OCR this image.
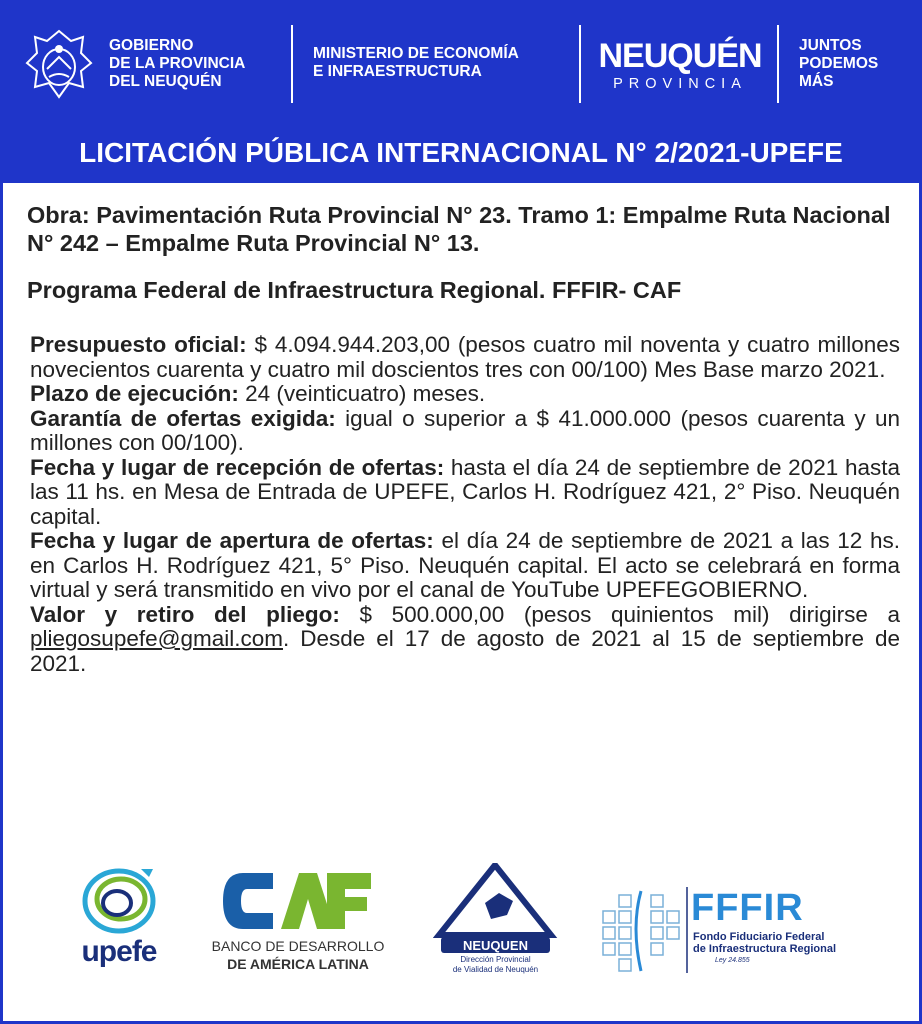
GOBIERNO
DE LA PROVINCIA
DEL NEUQUÉN
MINISTERIO DE ECONOMÍA
E INFRAESTRUCTURA	NEUQUÉN
PROVINCIA
JUNTOS
PODEMOS
MÁS
LICITACIÓN PÚBLICA INTERNACIONAL N° 2/2021-UPEFE
Obra: Pavimentación Ruta Provincial N° 23. Tramo 1: Empalme Ruta Nacional N° 242 – Empalme Ruta Provincial N° 13.
Programa Federal de Infraestructura Regional. FFFIR- CAF

Presupuesto oficial: $ 4.094.944.203,00 (pesos cuatro mil noventa y cuatro millones novecientos cuarenta y cuatro mil doscientos tres con 00/100) Mes Base marzo 2021.

Plazo de ejecución: 24 (veinticuatro) meses.

Garantía de ofertas exigida: igual o superior a $ 41.000.000 (pesos cuarenta y un millones con 00/100).

Fecha y lugar de recepción de ofertas: hasta el día 24 de septiembre de 2021 hasta las 11 hs. en Mesa de Entrada de UPEFE, Carlos H. Rodríguez 421, 2° Piso. Neuquén capital.

Fecha y lugar de apertura de ofertas: el día 24 de septiembre de 2021 a las 12 hs. en Carlos H. Rodríguez 421, 5° Piso. Neuquén capital. El acto se celebrará en forma virtual y será transmitido en vivo por el canal de YouTube UPEFEGOBIERNO.

Valor y retiro del pliego: $ 500.000,00 (pesos quinientos mil) dirigirse a pliegosupefe@gmail.com. Desde el 17 de agosto de 2021 al 15 de septiembre de 2021.

upefe	BANCO DE DESARROLLO
DE AMÉRICA LATINA
NEUQUEN
Dirección Provincial
de Vialidad de Neuquén
FFFIR
Fondo Fiduciario Federal
de Infraestructura Regional
Ley 24.855
